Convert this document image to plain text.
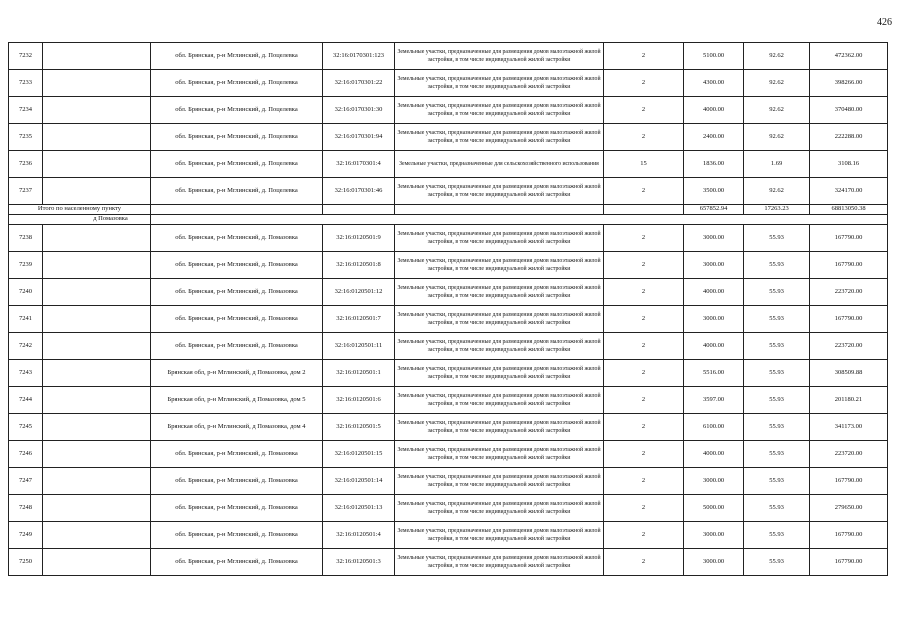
426
7232		обл. Брянская, р-н Мглинский, д. Поцелевка	32:16:0170301:123	Земельные участки, предназначенные для размещения домов малоэтажной жилой застройки, в том числе индивидуальной жилой застройки	2	5100.00	92.62	472362.00
7233		обл. Брянская, р-н Мглинский, д. Поцелевка	32:16:0170301:22	Земельные участки, предназначенные для размещения домов малоэтажной жилой застройки, в том числе индивидуальной жилой застройки	2	4300.00	92.62	398266.00
7234		обл. Брянская, р-н Мглинский, д. Поцелевка	32:16:0170301:30	Земельные участки, предназначенные для размещения домов малоэтажной жилой застройки, в том числе индивидуальной жилой застройки	2	4000.00	92.62	370480.00
7235		обл. Брянская, р-н Мглинский, д. Поцелевка	32:16:0170301:94	Земельные участки, предназначенные для размещения домов малоэтажной жилой застройки, в том числе индивидуальной жилой застройки	2	2400.00	92.62	222288.00
7236		обл. Брянская, р-н Мглинский, д. Поцелевка	32:16:0170301:4	Земельные участки, предназначенные для сельскохозяйственного использования	15	1836.00	1.69	3108.16
7237		обл. Брянская, р-н Мглинский, д. Поцелевка	32:16:0170301:46	Земельные участки, предназначенные для размещения домов малоэтажной жилой застройки, в том числе индивидуальной жилой застройки	2	3500.00	92.62	324170.00
Итого по населенному пункту						657852.94	17263.23	68813050.38
д Помазовка								
7238		обл. Брянская, р-н Мглинский, д. Помазовка	32:16:0120501:9	Земельные участки, предназначенные для размещения домов малоэтажной жилой застройки, в том числе индивидуальной жилой застройки	2	3000.00	55.93	167790.00
7239		обл. Брянская, р-н Мглинский, д. Помазовка	32:16:0120501:8	Земельные участки, предназначенные для размещения домов малоэтажной жилой застройки, в том числе индивидуальной жилой застройки	2	3000.00	55.93	167790.00
7240		обл. Брянская, р-н Мглинский, д. Помазовка	32:16:0120501:12	Земельные участки, предназначенные для размещения домов малоэтажной жилой застройки, в том числе индивидуальной жилой застройки	2	4000.00	55.93	223720.00
7241		обл. Брянская, р-н Мглинский, д. Помазовка	32:16:0120501:7	Земельные участки, предназначенные для размещения домов малоэтажной жилой застройки, в том числе индивидуальной жилой застройки	2	3000.00	55.93	167790.00
7242		обл. Брянская, р-н Мглинский, д. Помазовка	32:16:0120501:11	Земельные участки, предназначенные для размещения домов малоэтажной жилой застройки, в том числе индивидуальной жилой застройки	2	4000.00	55.93	223720.00
7243		Брянская обл, р-н Мглинский, д Помазовка, дом 2	32:16:0120501:1	Земельные участки, предназначенные для размещения домов малоэтажной жилой застройки, в том числе индивидуальной жилой застройки	2	5516.00	55.93	308509.88
7244		Брянская обл, р-н Мглинский, д Помазовка, дом 5	32:16:0120501:6	Земельные участки, предназначенные для размещения домов малоэтажной жилой застройки, в том числе индивидуальной жилой застройки	2	3597.00	55.93	201180.21
7245		Брянская обл, р-н Мглинский, д Помазовка, дом 4	32:16:0120501:5	Земельные участки, предназначенные для размещения домов малоэтажной жилой застройки, в том числе индивидуальной жилой застройки	2	6100.00	55.93	341173.00
7246		обл. Брянская, р-н Мглинский, д. Помазовка	32:16:0120501:15	Земельные участки, предназначенные для размещения домов малоэтажной жилой застройки, в том числе индивидуальной жилой застройки	2	4000.00	55.93	223720.00
7247		обл. Брянская, р-н Мглинский, д. Помазовка	32:16:0120501:14	Земельные участки, предназначенные для размещения домов малоэтажной жилой застройки, в том числе индивидуальной жилой застройки	2	3000.00	55.93	167790.00
7248		обл. Брянская, р-н Мглинский, д. Помазовка	32:16:0120501:13	Земельные участки, предназначенные для размещения домов малоэтажной жилой застройки, в том числе индивидуальной жилой застройки	2	5000.00	55.93	279650.00
7249		обл. Брянская, р-н Мглинский, д. Помазовка	32:16:0120501:4	Земельные участки, предназначенные для размещения домов малоэтажной жилой застройки, в том числе индивидуальной жилой застройки	2	3000.00	55.93	167790.00
7250		обл. Брянская, р-н Мглинский, д. Помазовка	32:16:0120501:3	Земельные участки, предназначенные для размещения домов малоэтажной жилой застройки, в том числе индивидуальной жилой застройки	2	3000.00	55.93	167790.00
